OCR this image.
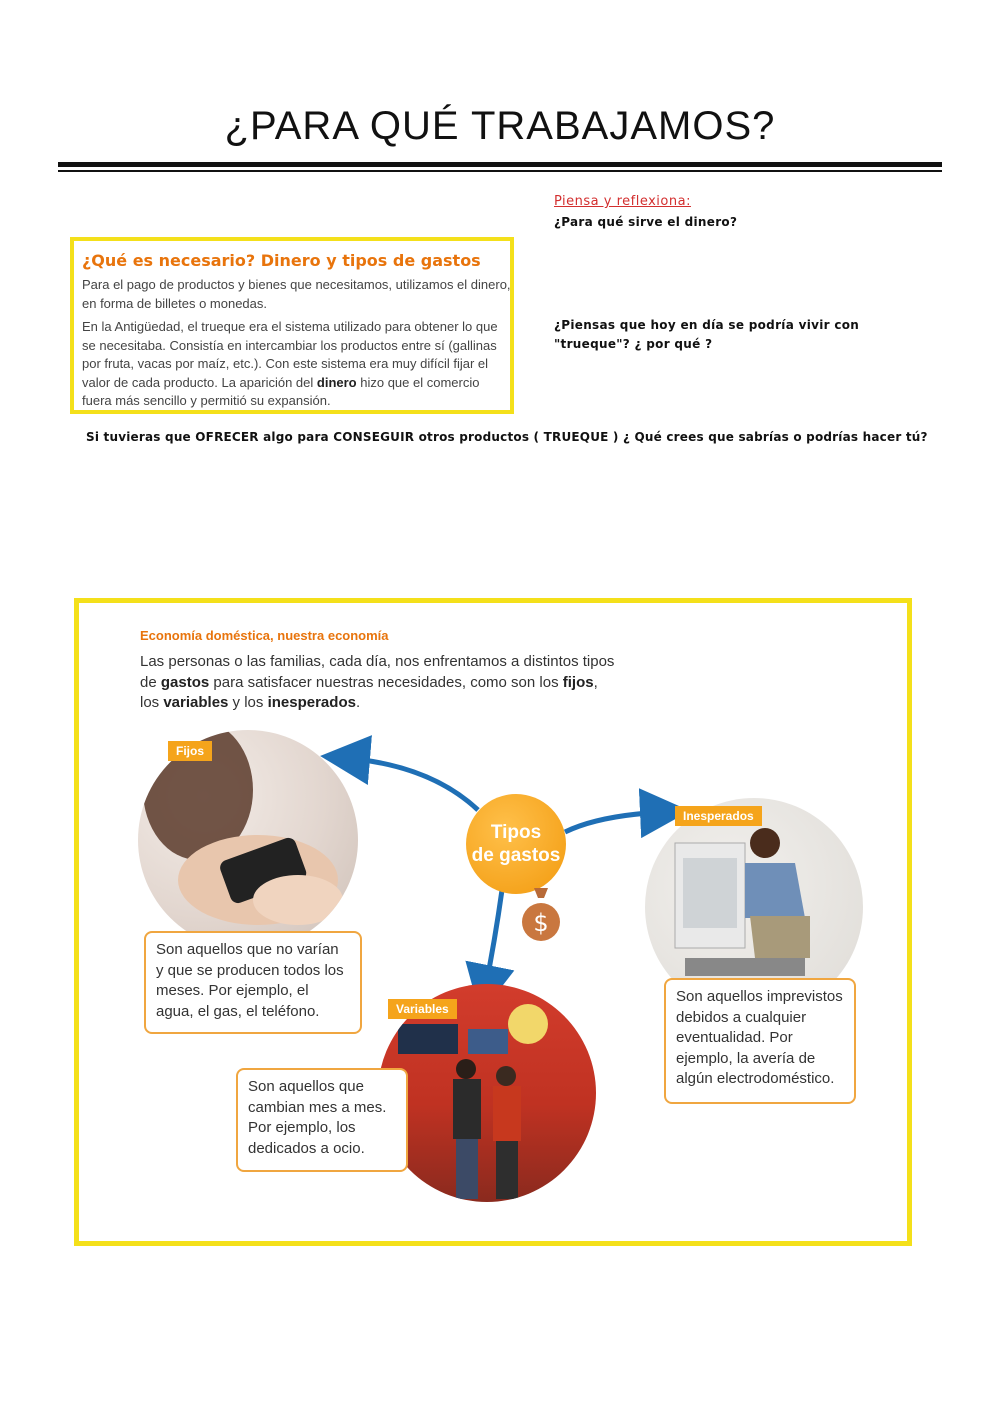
¿PARA QUÉ TRABAJAMOS?
Piensa y reflexiona:
¿Para qué sirve el dinero?
¿Piensas que hoy en día se podría vivir con "trueque"? ¿ por qué ?
¿Qué es necesario? Dinero y tipos de gastos
Para el pago de productos y bienes que necesitamos, utilizamos el dinero, en forma de billetes o monedas.
En la Antigüedad, el trueque era el sistema utilizado para obtener lo que se necesitaba. Consistía en intercambiar los productos entre sí (gallinas por fruta, vacas por maíz, etc.). Con este sistema era muy difícil fijar el valor de cada producto. La aparición del dinero hizo que el comercio fuera más sencillo y permitió su expansión.
Si tuvieras que OFRECER algo para CONSEGUIR otros productos ( TRUEQUE ) ¿ Qué crees que sabrías o podrías hacer tú?
Economía doméstica, nuestra economía
Las personas o las familias, cada día, nos enfrentamos a distintos tipos de gastos para satisfacer nuestras necesidades, como son los fijos, los variables y los inesperados.
Fijos
Son aquellos que no varían y que se producen todos los meses. Por ejemplo, el agua, el gas, el teléfono.
Tipos
de gastos
$
Inesperados
Son aquellos imprevistos debidos a cualquier eventualidad. Por ejemplo, la avería de algún electrodoméstico.
Variables
Son aquellos que cambian mes a mes. Por ejemplo, los dedicados a ocio.
